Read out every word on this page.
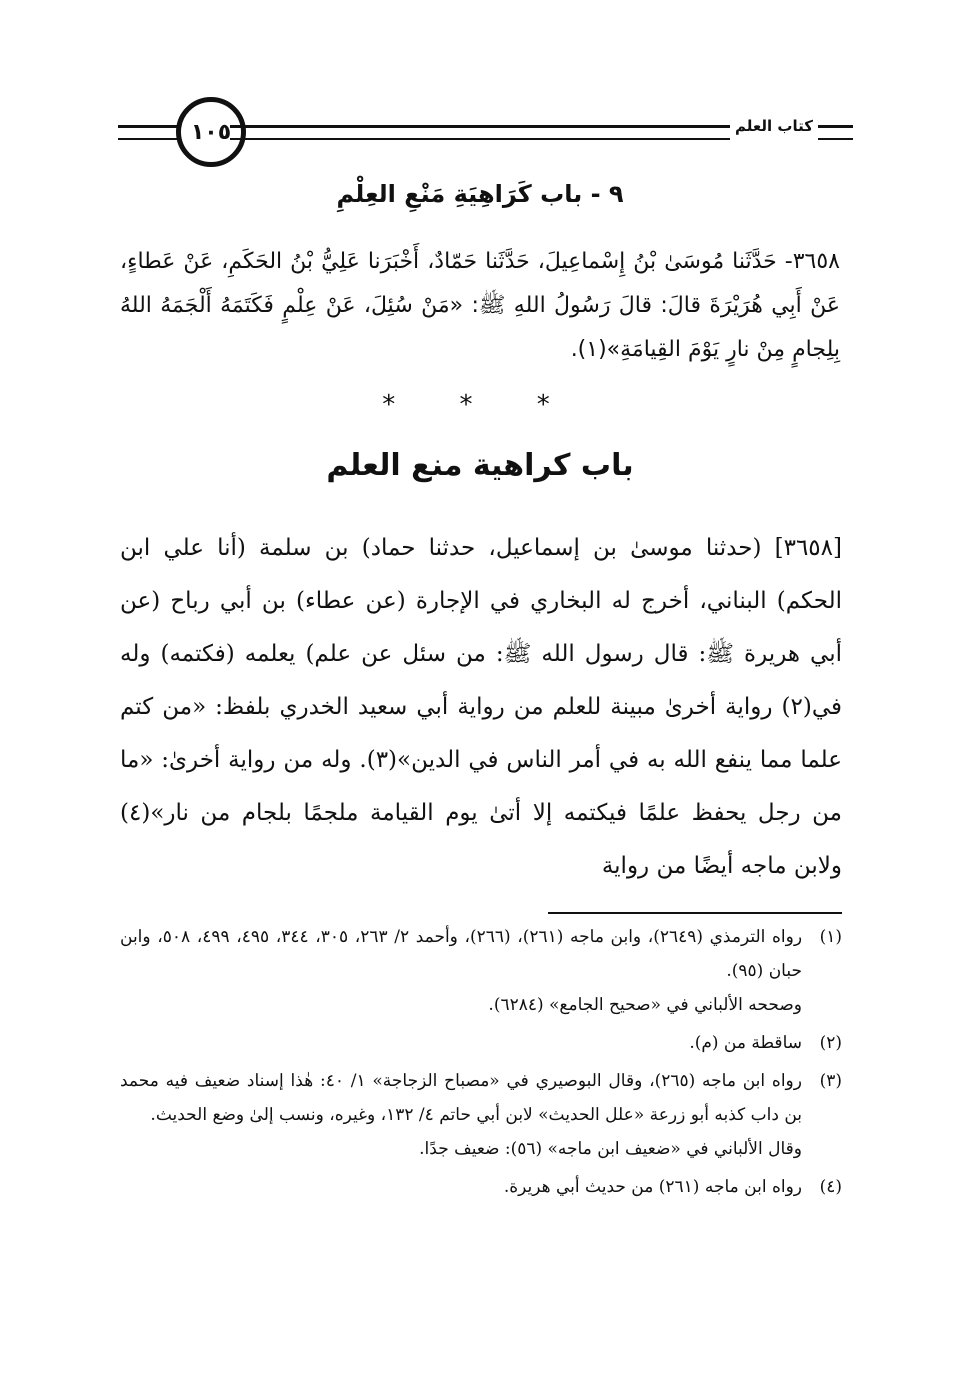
١٠٥	كتاب العلم
٩ - باب كَرَاهِيَةِ مَنْعِ العِلْمِ
٣٦٥٨- حَدَّثَنا مُوسَىٰ بْنُ إِسْماعِيلَ، حَدَّثَنا حَمّادٌ، أَخْبَرَنا عَلِيُّ بْنُ الحَكَمِ، عَنْ عَطاءٍ، عَنْ أَبِي هُرَيْرَةَ قالَ: قالَ رَسُولُ اللهِ ﷺ: «مَنْ سُئِلَ، عَنْ عِلْمٍ فَكَتَمَهُ أَلْجَمَهُ اللهُ بِلِجامٍ مِنْ نارٍ يَوْمَ القِيامَةِ»(١).
* * *
باب كراهية منع العلم

[٣٦٥٨] (حدثنا موسىٰ بن إسماعيل، حدثنا حماد) بن سلمة (أنا علي ابن الحكم) البناني، أخرج له البخاري في الإجارة (عن عطاء) بن أبي رباح (عن أبي هريرة ﷺ: قال رسول الله ﷺ: من سئل عن علم) يعلمه (فكتمه) وله في(٢) رواية أخرىٰ مبينة للعلم من رواية أبي سعيد الخدري بلفظ: «من كتم علما مما ينفع الله به في أمر الناس في الدين»(٣). وله من رواية أخرىٰ: «ما من رجل يحفظ علمًا فيكتمه إلا أتىٰ يوم القيامة ملجمًا بلجام من نار»(٤) ولابن ماجه أيضًا من رواية

(١)
رواه الترمذي (٢٦٤٩)، وابن ماجه (٢٦١)، (٢٦٦)، وأحمد ٢/ ٢٦٣، ٣٠٥، ٣٤٤، ٤٩٥، ٤٩٩، ٥٠٨، وابن حبان (٩٥).

وصححه الألباني في «صحيح الجامع» (٦٢٨٤).

(٢)
ساقطة من (م).
(٣)
رواه ابن ماجه (٢٦٥)، وقال البوصيري في «مصباح الزجاجة» ١/ ٤٠: هٰذا إسناد ضعيف فيه محمد بن داب كذبه أبو زرعة «علل الحديث» لابن أبي حاتم ٤/ ١٣٢، وغيره، ونسب إلىٰ وضع الحديث.

وقال الألباني في «ضعيف ابن ماجه» (٥٦): ضعيف جدًا.

(٤)
رواه ابن ماجه (٢٦١) من حديث أبي هريرة.
